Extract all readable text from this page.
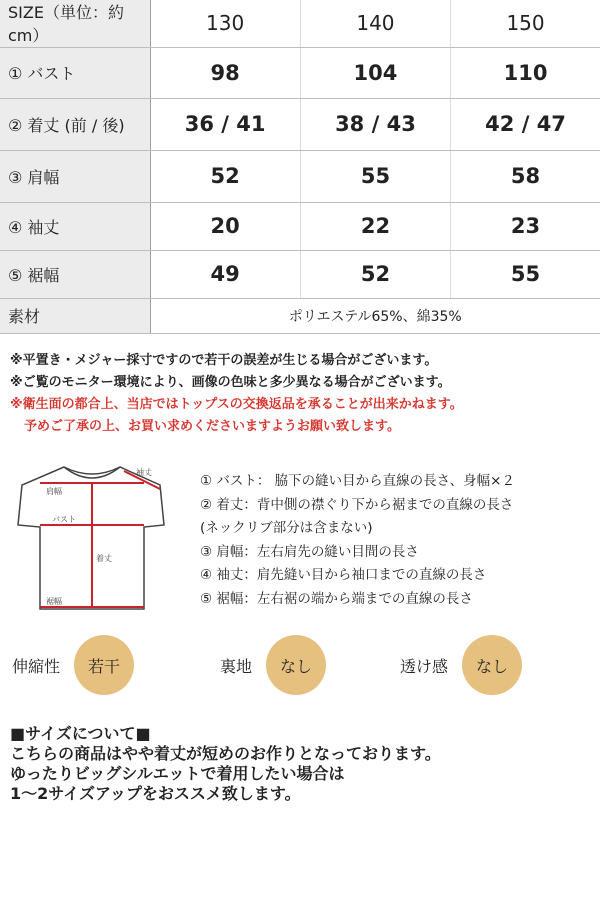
SIZE（単位：約cm）	130	140	150
① バスト	98	104	110
② 着丈 (前 / 後)	36 / 41	38 / 43	42 / 47
③ 肩幅	52	55	58
④ 袖丈	20	22	23
⑤ 裾幅	49	52	55
素材	ポリエステル65%、綿35%		
※平置き・メジャー採寸ですので若干の誤差が生じる場合がございます。
※ご覧のモニター環境により、画像の色味と多少異なる場合がございます。
※衛生面の都合上、当店ではトップスの交換返品を承ることが出来かねます。
予めご了承の上、お買い求めくださいますようお願い致します。
肩幅
バスト
着丈
裾幅
袖丈
① バスト： 脇下の縫い目から直線の長さ、身幅×２
② 着丈：背中側の襟ぐり下から裾までの直線の長さ
(ネックリブ部分は含まない)
③ 肩幅：左右肩先の縫い目間の長さ
④ 袖丈：肩先縫い目から袖口までの直線の長さ
⑤ 裾幅：左右裾の端から端までの直線の長さ
伸縮性	若干	裏地	なし	透け感	なし
■サイズについて■
こちらの商品はやや着丈が短めのお作りとなっております。
ゆったりビッグシルエットで着用したい場合は
1〜2サイズアップをおススメ致します。
